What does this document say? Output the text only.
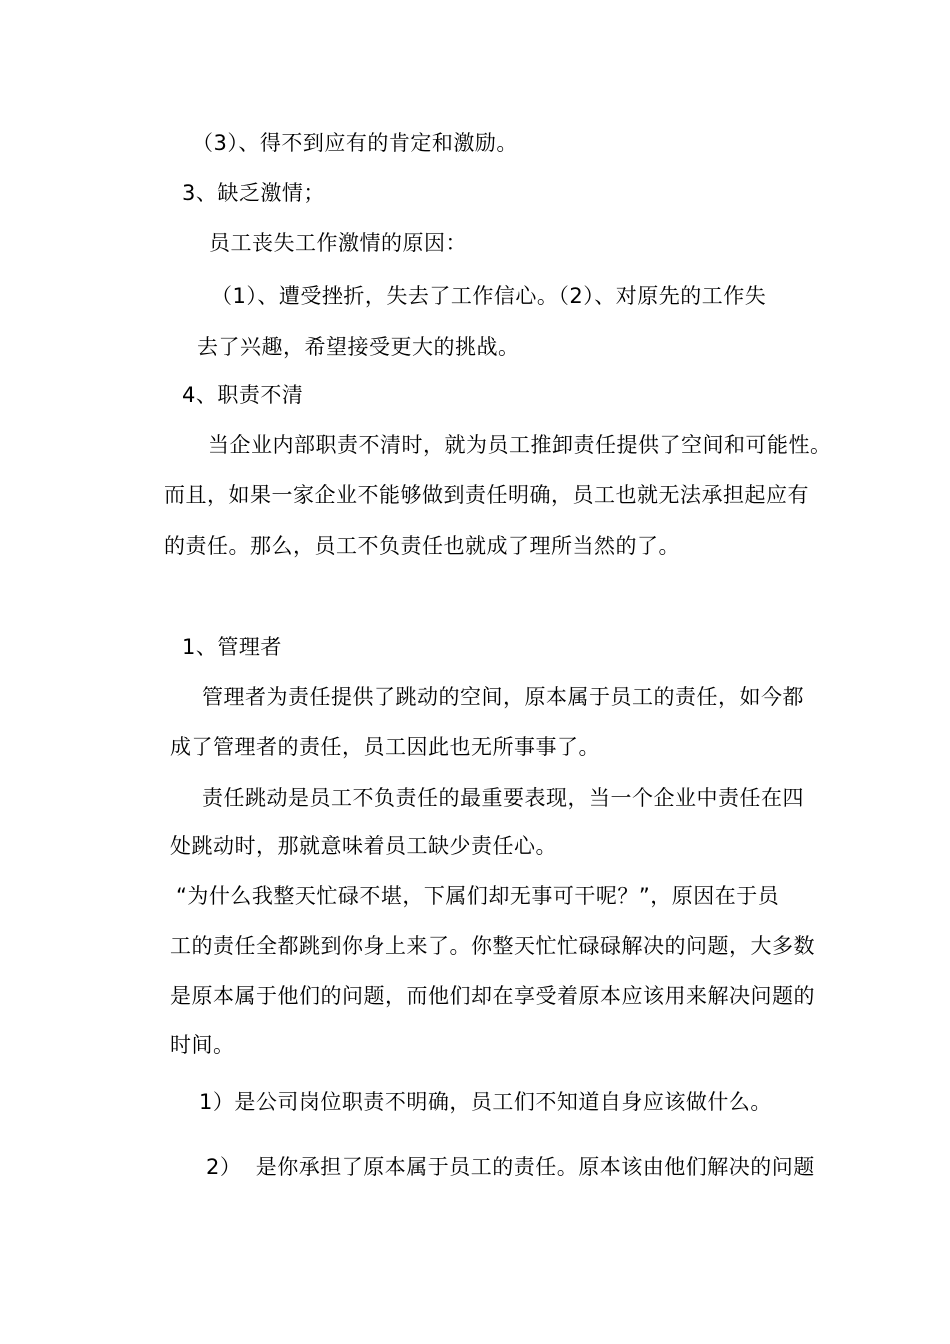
（3）、得不到应有的肯定和激励。
3、缺乏激情；
员工丧失工作激情的原因：
（1）、遭受挫折，失去了工作信心。（2）、对原先的工作失
去了兴趣，希望接受更大的挑战。
4、职责不清
当企业内部职责不清时，就为员工推卸责任提供了空间和可能性。
而且，如果一家企业不能够做到责任明确，员工也就无法承担起应有
的责任。那么，员工不负责任也就成了理所当然的了。
1、管理者
管理者为责任提供了跳动的空间，原本属于员工的责任，如今都
成了管理者的责任，员工因此也无所事事了。
责任跳动是员工不负责任的最重要表现，当一个企业中责任在四
处跳动时，那就意味着员工缺少责任心。
“为什么我整天忙碌不堪，下属们却无事可干呢？”，原因在于员
工的责任全都跳到你身上来了。你整天忙忙碌碌解决的问题，大多数
是原本属于他们的问题，而他们却在享受着原本应该用来解决问题的
时间。
1）是公司岗位职责不明确，员工们不知道自身应该做什么。
2）  是你承担了原本属于员工的责任。原本该由他们解决的问题
